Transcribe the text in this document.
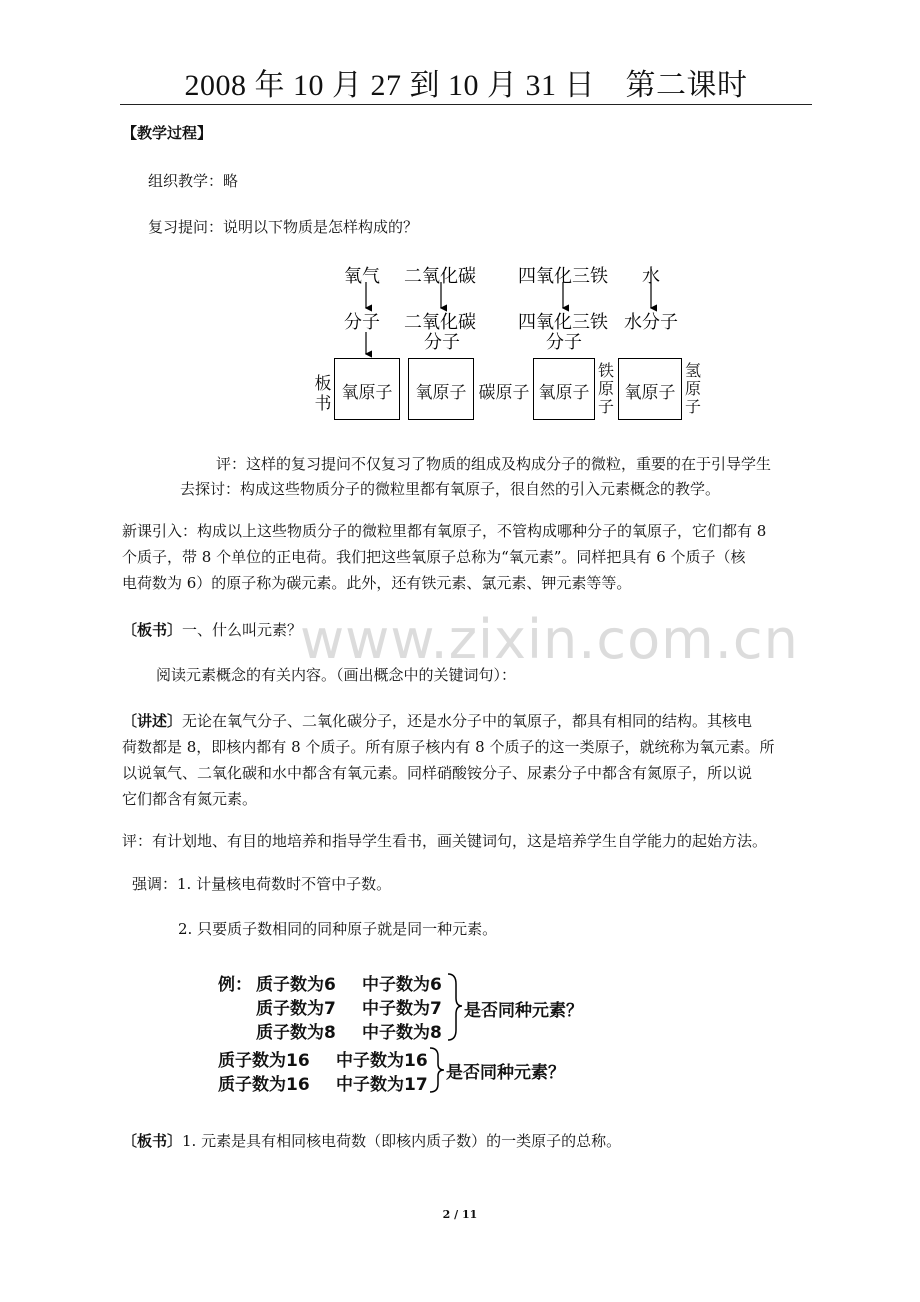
2008 年 10 月 27 到 10 月 31 日　第二课时
【教学过程】
组织教学：略
复习提问：说明以下物质是怎样构成的？
氧气 二氧化碳 四氧化三铁 水
分子 二氧化碳
分子
四氧化三铁
分子
水分子
板
书
氧原子	氧原子 碳原子 氧原子
铁
原
子
氧原子
氢
原
子
评：这样的复习提问不仅复习了物质的组成及构成分子的微粒，重要的在于引导学生
去探讨：构成这些物质分子的微粒里都有氧原子，很自然的引入元素概念的教学。
新课引入：构成以上这些物质分子的微粒里都有氧原子，不管构成哪种分子的氧原子，它们都有 8
个质子，带 8 个单位的正电荷。我们把这些氧原子总称为“氧元素”。同样把具有 6 个质子（核
电荷数为 6）的原子称为碳元素。此外，还有铁元素、氯元素、钾元素等等。
www.zixin.com.cn
〔板书〕一、什么叫元素？
阅读元素概念的有关内容。（画出概念中的关键词句）：
〔讲述〕无论在氧气分子、二氧化碳分子，还是水分子中的氧原子，都具有相同的结构。其核电
荷数都是 8，即核内都有 8 个质子。所有原子核内有 8 个质子的这一类原子，就统称为氧元素。所
以说氧气、二氧化碳和水中都含有氧元素。同样硝酸铵分子、尿素分子中都含有氮原子，所以说
它们都含有氮元素。
评：有计划地、有目的地培养和指导学生看书，画关键词句，这是培养学生自学能力的起始方法。
强调：1. 计量核电荷数时不管中子数。
2. 只要质子数相同的同种原子就是同一种元素。
例： 质子数为6 中子数为6
质子数为7 中子数为7
质子数为8 中子数为8
是否同种元素？
质子数为16 中子数为16
质子数为16 中子数为17
是否同种元素？
〔板书〕1. 元素是具有相同核电荷数（即核内质子数）的一类原子的总称。
2 / 11
